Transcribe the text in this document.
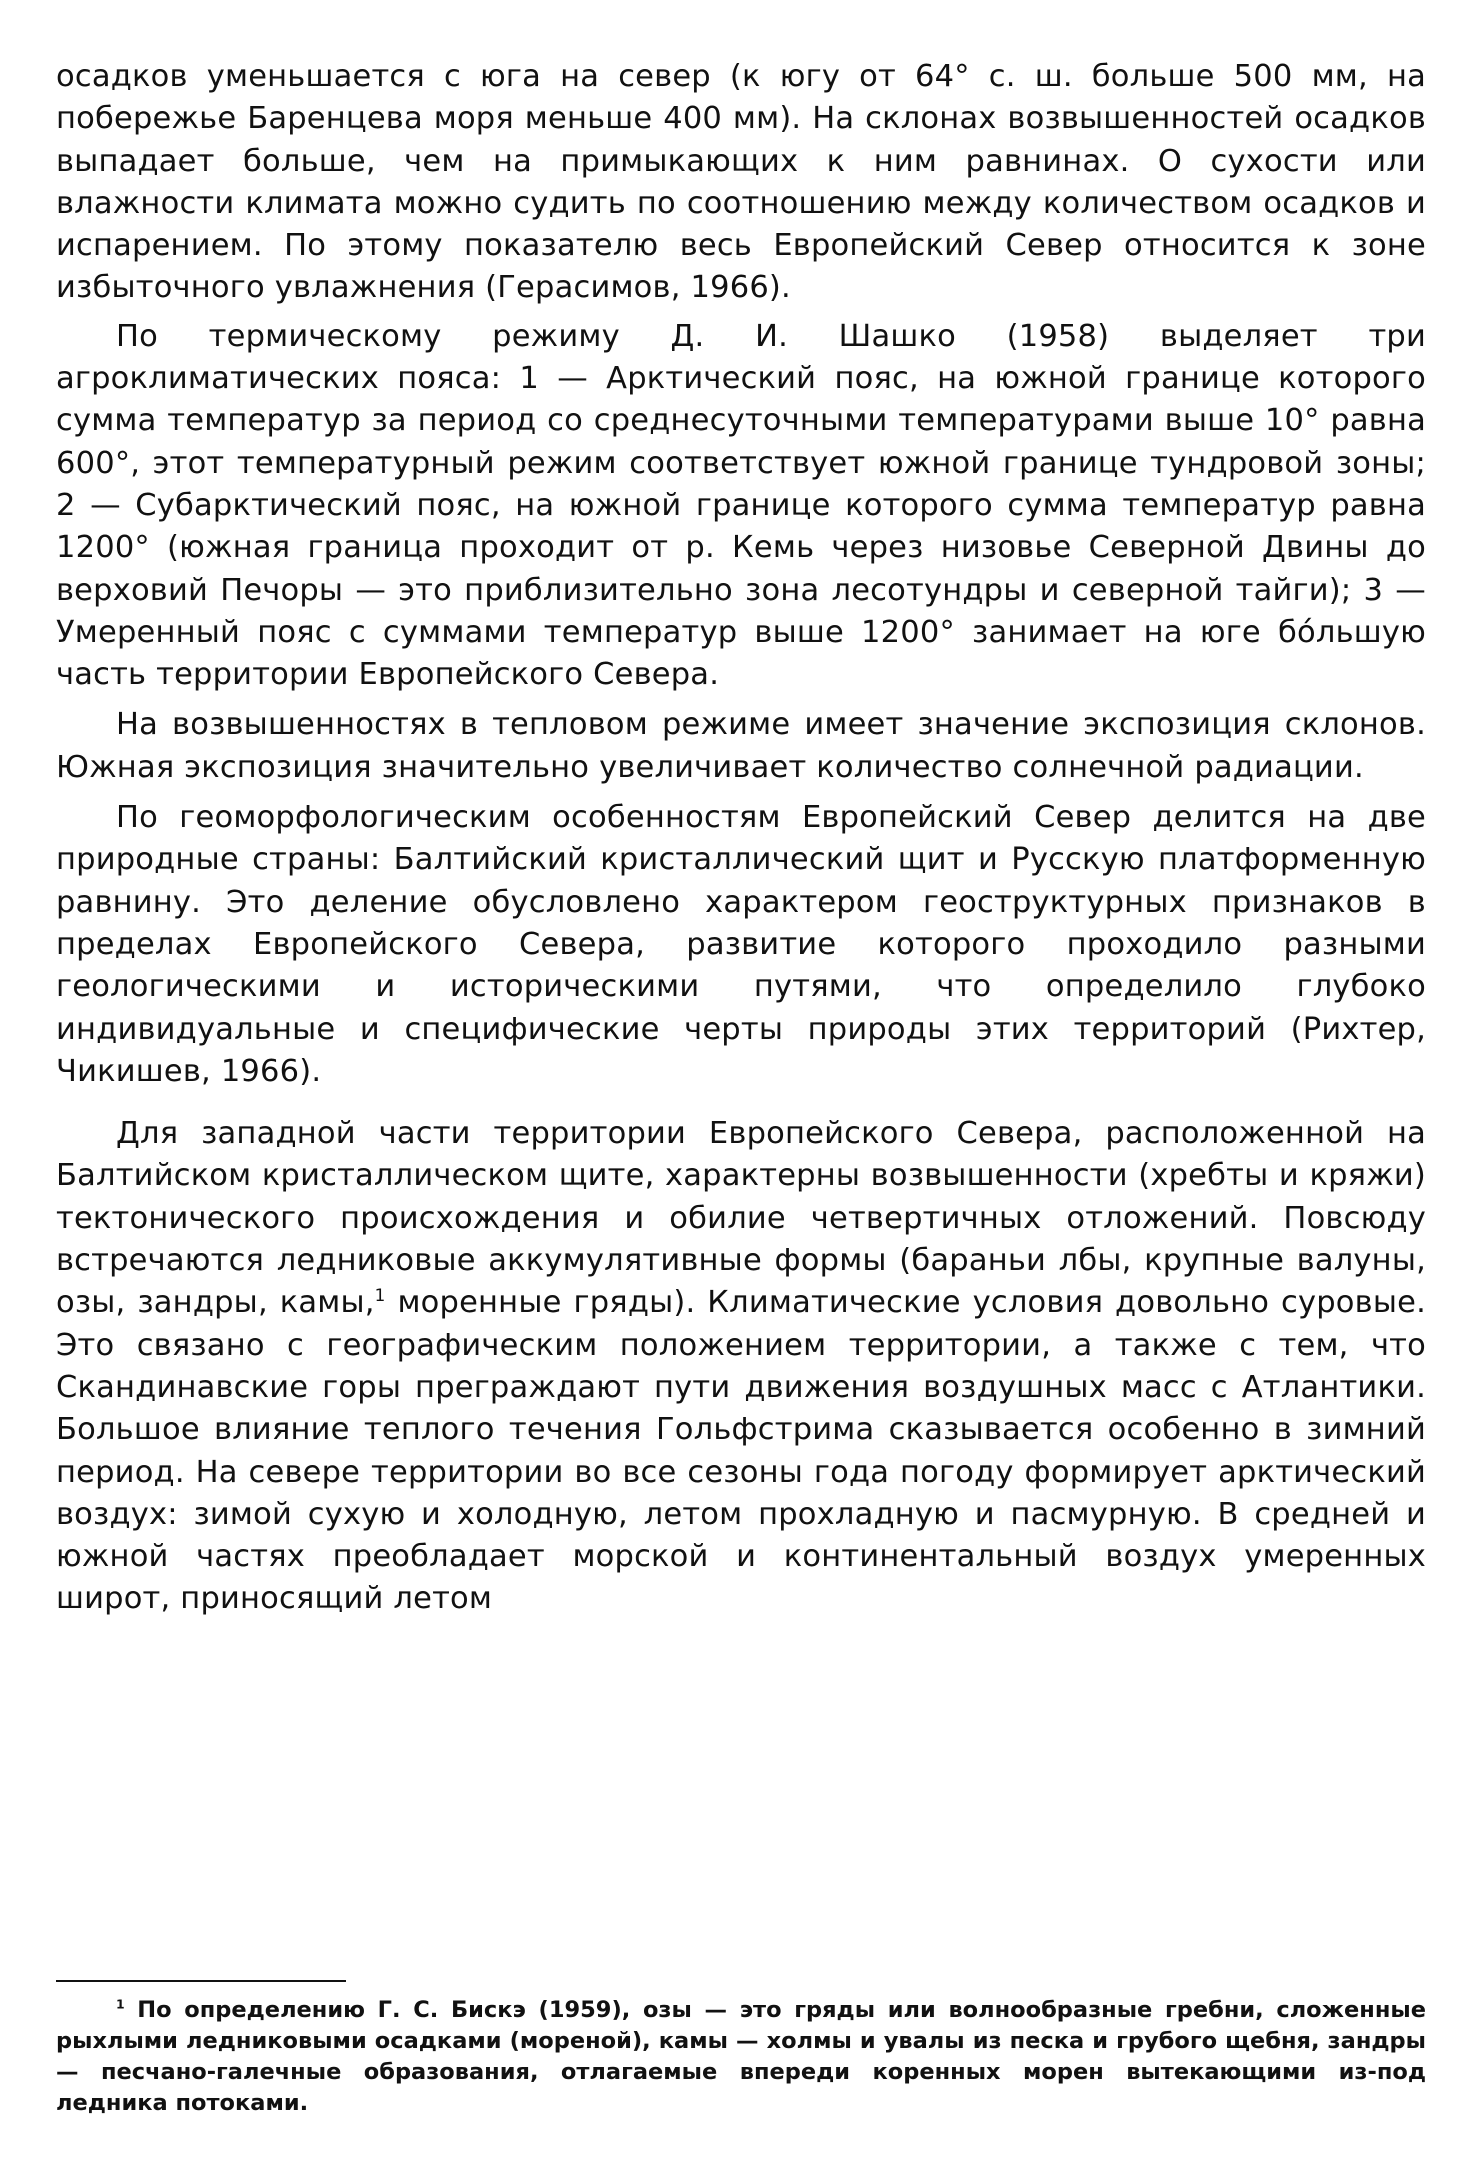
осадков уменьшается с юга на север (к югу от 64° с. ш. больше 500 мм, на побережье Баренцева моря меньше 400 мм). На склонах возвышенностей осадков выпадает больше, чем на примыкающих к ним равнинах. О сухости или влажности климата можно судить по соотношению между количеством осадков и испарением. По этому показателю весь Европейский Север относится к зоне избыточного увлажнения (Герасимов, 1966).

По термическому режиму Д. И. Шашко (1958) выделяет три агроклиматических пояса: 1 — Арктический пояс, на южной границе которого сумма температур за период со среднесуточными температурами выше 10° равна 600°, этот температурный режим соответствует южной границе тундровой зоны; 2 — Субарктический пояс, на южной границе которого сумма температур равна 1200° (южная граница проходит от р. Кемь через низовье Северной Двины до верховий Печоры — это приблизительно зона лесотундры и северной тайги); 3 — Умеренный пояс с суммами температур выше 1200° занимает на юге бóльшую часть территории Европейского Севера.

На возвышенностях в тепловом режиме имеет значение экспозиция склонов. Южная экспозиция значительно увеличивает количество солнечной радиации.

По геоморфологическим особенностям Европейский Север делится на две природные страны: Балтийский кристаллический щит и Русскую платформенную равнину. Это деление обусловлено характером геоструктурных признаков в пределах Европейского Севера, развитие которого проходило разными геологическими и историческими путями, что определило глубоко индивидуальные и специфические черты природы этих территорий (Рихтер, Чикишев, 1966).

Для западной части территории Европейского Севера, расположенной на Балтийском кристаллическом щите, характерны возвышенности (хребты и кряжи) тектонического происхождения и обилие четвертичных отложений. Повсюду встречаются ледниковые аккумулятивные формы (бараньи лбы, крупные валуны, озы, зандры, камы,$^1$ моренные гряды). Климатические условия довольно суровые. Это связано с географическим положением территории, а также с тем, что Скандинавские горы преграждают пути движения воздушных масс с Атлантики. Большое влияние теплого течения Гольфстрима сказывается особенно в зимний период. На севере территории во все сезоны года погоду формирует арктический воздух: зимой сухую и холодную, летом прохладную и пасмурную. В средней и южной частях преобладает морской и континентальный воздух умеренных широт, приносящий летом

$^1$ По определению Г. С. Бискэ (1959), озы — это гряды или волнообразные гребни, сложенные рыхлыми ледниковыми осадками (мореной), камы — холмы и увалы из песка и грубого щебня, зандры — песчано-галечные образования, отлагаемые впереди коренных морен вытекающими из-под ледника потоками.
